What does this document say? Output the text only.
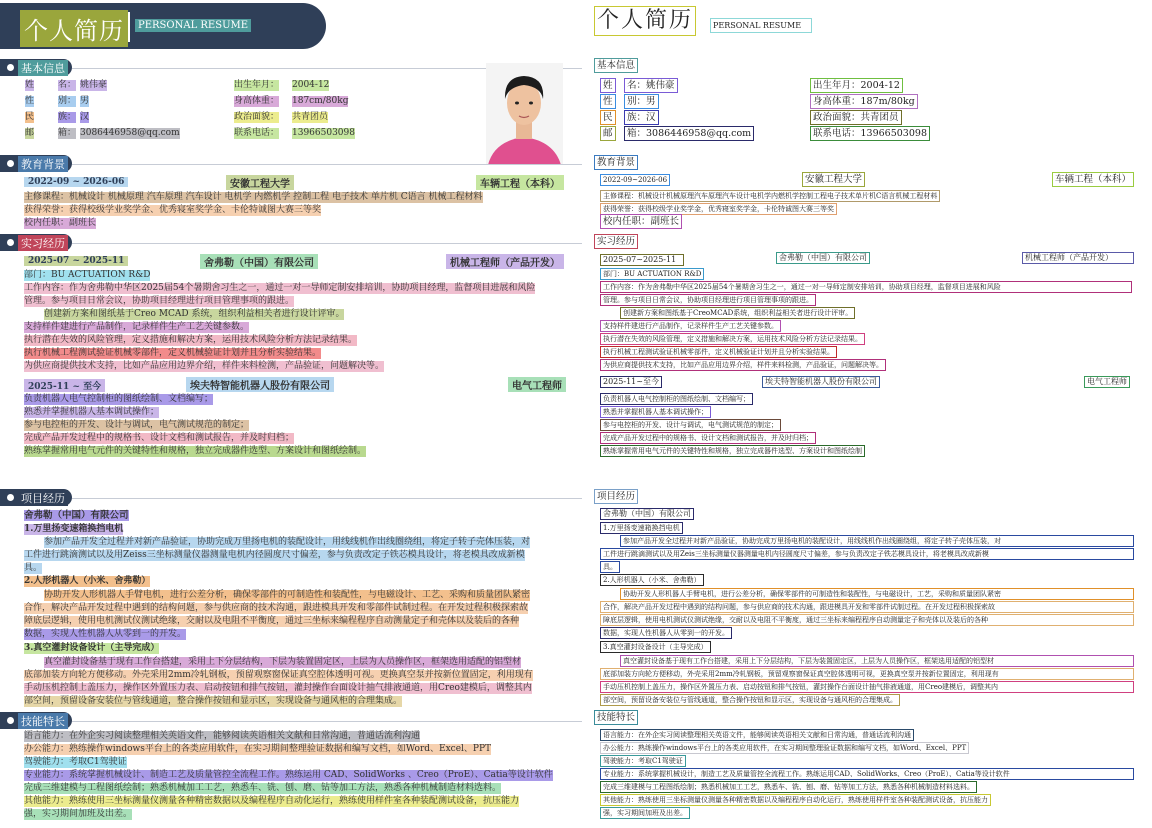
个人简历	PERSONAL RESUME
基本信息
姓	名： 姚伟豪
性	别： 男
民	族： 汉
邮	箱： 3086446958@qq.com
出生年月： 2004-12
身高体重： 187cm/80kg
政治面貌： 共青团员
联系电话： 13966503098
教育背景
2022-09 ~ 2026-06	安徽工程大学	车辆工程（本科）
主修课程：机械设计 机械原理 汽车原理 汽车设计 电机学 内燃机学 控制工程 电子技术 单片机 C语言 机械工程材料
获得荣誉：获得校级学业奖学金、优秀寝室奖学金、卡伦特诚图大赛三等奖
校内任职：副班长
实习经历
2025-07 ~ 2025-11	舍弗勒（中国）有限公司	机械工程师（产品开发）
部门：BU ACTUATION R&D
工作内容：作为舍弗勒中华区2025届54个暑期舍习生之一，通过一对一导师定制安排培训，协助项目经理，监督项目进展和风险
管理。参与项目日常会议，协助项目经理进行项目管理事项的跟进。
创建新方案和图纸基于Creo MCAD 系统，组织利益相关者进行设计评审。
支持样件建进行产品制作，记录样件生产工艺关键参数。
执行潜在失效的风险管理，定义措施和解决方案，运用技术风险分析方法记录结果。
执行机械工程测试验证机械零部件，定义机械验证计划并且分析实验结果。
为供应商提供技术支持，比如产品应用边界介绍，样件来料检测，产品验证，问题解决等。
2025-11 ~ 至今	埃夫特智能机器人股份有限公司	电气工程师
负责机器人电气控制柜的图纸绘制、文档编写；
熟悉并掌握机器人基本调试操作；
参与电控柜的开发、设计与调试，电气测试规范的制定；
完成产品开发过程中的规格书、设计文档和测试报告，并及时归档；
熟练掌握常用电气元件的关键特性和规格，独立完成器件选型、方案设计和图纸绘制。
项目经历
舍弗勒（中国）有限公司
1.万里扬变速箱换挡电机
参加产品开发全过程并对新产品验证，协助完成万里扬电机的装配设计，用线线机作出线圈绕组，将定子转子壳体压装，对
工件进行跳滴测试以及用Zeiss三坐标测量仪器测量电机内径圆度尺寸偏差，参与负责改定子铁芯模具设计，将老模具改成新模
具。
2.人形机器人（小米、舍弗勒）
协助开发人形机器人手臂电机，进行公差分析，确保零部件的可制造性和装配性，与电磁设计、工艺、采购和质量团队紧密
合作，解决产品开发过程中遇到的结构问题，参与供应商的技术沟通，跟进模具开发和零部件试制过程。在开发过程积极探索故
障底层逻辑，使用电机测试仪测试绝缘，交耐以及电阻不平衡度，通过三坐标来编程程序自动测量定子和壳体以及装后的各种
数据，实现人性机器人从零到一的开发。
3.真空灌封设备设计（主导完成）
真空灌封设备基于现有工作台搭建，采用上下分层结构，下层为装置固定区，上层为人员操作区，框架选用适配的铝型材
底部加装方向轮方便移动。外壳采用2mm冷轧钢板，预留观察窗保证真空腔体透明可视。更换真空泵并按新位置固定，利用现有
手动压机控制上盖压力，操作区外置压力表、启动按钮和排气按钮，灌封操作台面设计抽气排液通道，用Creo建模后，调整其内
部空间，预留设备安装位与管线通道，整合操作按钮和显示区，实现设备与通风柜的合理集成。
技能特长
语言能力：在外企实习阅读整理相关英语文件，能够阅读英语相关文献和日常沟通，普通话流利沟通
办公能力：熟练操作windows平台上的各类应用软件，在实习期间整理验证数据和编写文档，如Word、Excel、PPT
驾驶能力：考取C1驾驶证
专业能力：系统掌握机械设计、制造工艺及质量管控全流程工作。熟练运用 CAD、SolidWorks 、Creo（ProE）、Catia等设计软件
完成三维建模与工程图纸绘制；熟悉机械加工工艺，熟悉车、铣、刨、磨、钻等加工方法，熟悉各种机械制造材料选料。
其他能力：熟练使用三坐标测量仪测量各种精密数据以及编程程序自动化运行，熟练使用样件室各种装配测试设备，抗压能力
强，实习期间加班及出差。
个人简历	PERSONAL RESUME
基本信息
姓	名：姚伟豪
性	别：男
民	族：汉
邮	箱：3086446958@qq.com
出生年月：2004-12
身高体重：187m/80kg
政治面貌：共青团员
联系电话：13966503098
教育背景
2022-09~2026-06	安徽工程大学	车辆工程（本科）
主修课程：机械设计机械原理汽车原理汽车设计电机学内燃机学控制工程电子技术单片机C语言机械工程材料
获得荣誉：获得校级学业奖学金，优秀寝室奖学金，卡伦特诚图大赛三等奖
校内任职：副班长
实习经历
2025-07~2025-11	舍弗勒（中国）有限公司	机械工程师（产品开发）
部门：BU ACTUATION R&D
工作内容：作为舍弗勒中华区2025届54个暑期舍习生之一，通过一对一导师定制安排培训，协助项目经理，监督项目进展和风险
管理。参与项目日常会议，协助项目经理进行项目管理事项的跟进。
创建新方案和图纸基于CreoMCAD系统，组织利益相关者进行设计评审。
支持样件建进行产品制作，记录样件生产工艺关键参数。
执行潜在失效的风险管理，定义措施和解决方案，运用技术风险分析方法记录结果。
执行机械工程测试验证机械零部件，定义机械验证计划并且分析实验结果。
为供应商提供技术支持，比如产品应用边界介绍，样件来料检测，产品验证，问题解决等。
2025-11~至今	埃夫特智能机器人股份有限公司	电气工程师
负责机器人电气控制柜的图纸绘制、文档编写；
熟悉并掌握机器人基本调试操作；
参与电控柜的开发、设计与调试，电气测试规范的制定；
完成产品开发过程中的规格书、设计文档和测试报告，并及时归档；
熟练掌握常用电气元件的关键特性和规格，独立完成器件选型、方案设计和图纸绘制
项目经历
舍弗勒（中国）有限公司
1.万里扬变速箱换挡电机
参加产品开发全过程并对新产品验证，协助完成万里扬电机的装配设计，用线线机作出线圈绕组，将定子转子壳体压装，对
工件进行跳滴测试以及用Zeis三坐标测量仪器测量电机内径圆度尺寸偏差，参与负责改定子铁芯模具设计，将老模具改成新模
具。
2.人形机器人（小米、舍弗勒）
协助开发人形机器人手臂电机，进行公差分析，确保零部件的可制造性和装配性，与电磁设计，工艺，采购和质量团队紧密
合作，解决产品开发过程中遇到的结构问题，参与供应商的技术沟通，跟进模具开发和零部件试制过程。在开发过程积极探索故
障底层逻辑，使用电机测试仪测试绝缘，交耐以及电阻不平衡度，通过三坐标来编程程序自动测量定子和壳体以及装后的各种
数据，实现人性机器人从零到一的开发。
3.真空灌封设备设计（主导完成）
真空灌封设备基于现有工作台搭建，采用上下分层结构，下层为装置固定区，上层为人员操作区，框架选用适配的铝型材
底部加装方向轮方便移动，外壳采用2mm冷轧钢板，预留观察窗保证真空腔体透明可视，更换真空泵并按新位置固定，利用现有
手动压机控制上盖压力，操作区外置压力表、启动按钮和排气按钮，灌封操作台面设计抽气排液通道，用Creo建模后，调整其内
部空间，预留设备安装位与管线通道，整合操作按钮和显示区，实现设备与通风柜的合理集成。
技能特长
语言能力：在外企实习阅读整理相关英语文件，能够阅读英语相关文献和日常沟通，普通话流利沟通
办公能力：熟练操作windows平台上的各类应用软件，在实习期间整理验证数据和编写文档，如Word、Excel、PPT
驾驶能力：考取C1驾驶证
专业能力：系统掌握机械设计，制造工艺及质量管控全流程工作。熟练运用CAD、SolidWorks、Creo（ProE）、Catia等设计软件
完成三维建模与工程图纸绘制；熟悉机械加工工艺，熟悉车、铣、刨、磨、钻等加工方法，熟悉各种机械制造材料选料。
其他能力：熟练使用三坐标测量仪测量各种精密数据以及编程程序自动化运行，熟练使用样件室各种装配测试设备，抗压能力
强，实习期间加班及出差。
